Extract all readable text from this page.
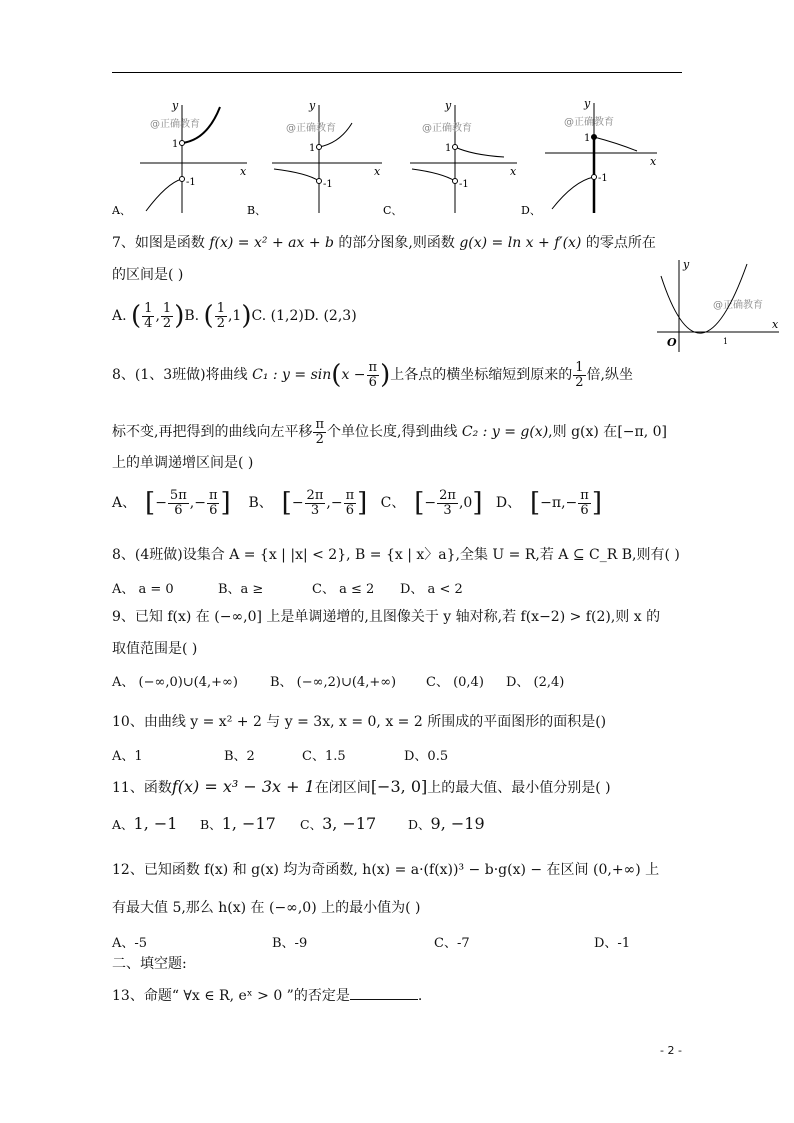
y
x
@正确教育
1
-1
A、
y
x
@正确教育
1
-1
B、
y
x
@正确教育
1
-1
C、
y
x
@正确教育
1
-1
D、
y
x
O
@正确教育
1
7、如图是函数 f(x) = x² + ax + b 的部分图象,则函数 g(x) = ln x + f′(x) 的零点所在
的区间是( )
A. ( $\frac{1}{4}$ , $\frac{1}{2} )B$. ( $\frac{1}{2} ,1)C$. (1,2)D. (2,3)
8、(1、3班做)将曲线 C₁ : $y = \sin(x - \frac{\pi}{6}$ )上各点的横坐标缩短到原来的 $\frac{1}{2}$ 倍,纵坐
标不变,再把得到的曲线向左平移 $\frac{\pi}{2}$ 个单位长度,得到曲线 C₂ : y = g(x),则 g(x) 在[−π, 0]
上的单调递增区间是( )
A、 [− $\frac{5\pi}{6}$ ,− $\frac{\pi}{6}$ ] B、 [− $\frac{2\pi}{3}$ ,− $\frac{\pi}{6}$ ] C、 [− $\frac{2\pi}{3} ,0$] D、 [$-\pi,- \frac{\pi}{6}$ ]
8、(4班做)设集合 A = {x | |x| < 2}, B = {x | x〉a},全集 U = R,若 A ⊆ C_R B,则有( )
A、 a = 0	B、a ≥	C、 a ≤ 2 D、 a < 2
9、已知 f(x) 在 (−∞,0] 上是单调递增的,且图像关于 y 轴对称,若 f(x−2) > f(2),则 x 的
取值范围是( )
A、 (−∞,0)∪(4,+∞) B、 (−∞,2)∪(4,+∞) C、 (0,4) D、 (2,4)
10、由曲线 y = x² + 2 与 y = 3x, x = 0, x = 2 所围成的平面图形的面积是()
A、1	B、2	C、1.5	D、0.5
11、函数f(x) = x³ − 3x + 1在闭区间[−3, 0]上的最大值、最小值分别是( )
A、1, −1 B、1, −17 C、3, −17	D、9, −19
12、已知函数 f(x) 和 g(x) 均为奇函数, h(x) = a·(f(x))³ − b·g(x) − 在区间 (0,+∞) 上
有最大值 5,那么 h(x) 在 (−∞,0) 上的最小值为( )
A、-5	B、-9	C、-7	D、-1
二、填空题:
13、命题“ ∀x ∈ R, eˣ > 0 ”的否定是	.
- 2 -
